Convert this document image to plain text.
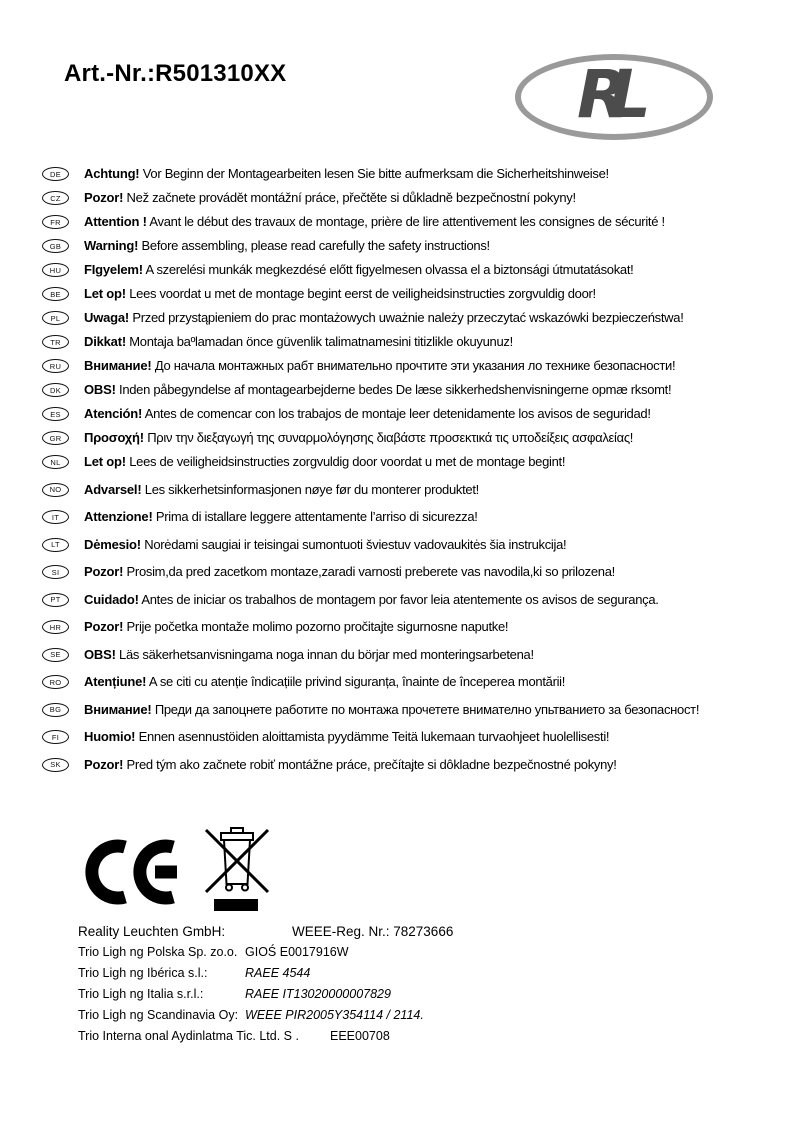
Art.-Nr.:R501310XX	RL
DE	Achtung! Vor Beginn der Montagearbeiten lesen Sie bitte aufmerksam die Sicherheitshinweise!
CZ	Pozor! Než začnete provádět montážní práce, přečtěte si důkladně bezpečnostní pokyny!
FR	Attention ! Avant le début des travaux de montage, prière de lire attentivement les consignes de sécurité !
GB	Warning! Before assembling, please read carefully the safety instructions!
HU	FIgyelem! A szerelési munkák megkezdésé előtt figyelmesen olvassa el a biztonsági útmutatásokat!
BE	Let op! Lees voordat u met de montage begint eerst de veiligheidsinstructies zorgvuldig door!
PL	Uwaga! Przed przystąpieniem do prac montażowych uważnie należy przeczytać wskazówki bezpieczeństwa!
TR	Dikkat! Montaja baºlamadan önce güvenlik talimatnamesini titizlikle okuyunuz!
RU	Внимание! До начала монтажных рабт внимательно прочтите эти указания ло технике безопасности!
DK	OBS! Inden påbegyndelse af montagearbejderne bedes De læse sikkerhedshenvisningerne opmæ rksomt!
ES	Atención! Antes de comencar con los trabajos de montaje leer detenidamente los avisos de seguridad!
GR	Προσοχή! Πριν την διεξαγωγή της συναρμολόγησης διαβάστε προσεκτικά τις υποδείξεις ασφαλείας!
NL	Let op! Lees de veiligheidsinstructies zorgvuldig door voordat u met de montage begint!
NO	Advarsel! Les sikkerhetsinformasjonen nøye før du monterer produktet!
IT	Attenzione! Prima di istallare leggere attentamente l’arriso di sicurezza!
LT	Dėmesio! Norėdami saugiai ir teisingai sumontuoti šviestuv vadovaukitės šia instrukcija!
SI	Pozor! Prosim,da pred zacetkom montaze,zaradi varnosti preberete vas navodila,ki so prilozena!
PT	Cuidado! Antes de iniciar os trabalhos de montagem por favor leia atentemente os avisos de segurança.
HR	Pozor! Prije početka montaže molimo pozorno pročitajte sigurnosne naputke!
SE	OBS! Läs säkerhetsanvisningama noga innan du börjar med monteringsarbetena!
RO	Atențiune! A se citi cu atenție îndicațiile privind siguranța, înainte de începerea montării!
BG	Внимание! Преди да запоцнете работите по монтажа прочетете внимателно упьтванието за безопасност!
FI	Huomio! Ennen asennustöiden aloittamista pyydämme Teitä lukemaan turvaohjeet huolellisesti!
SK	Pozor! Pred tým ako začnete robiť montážne práce, prečítajte si dôkladne bezpečnostné pokyny!
Reality Leuchten GmbH:	WEEE-Reg. Nr.: 78273666
Trio Ligh ng Polska Sp. zo.o. GIOŚ E0017916W
Trio Ligh ng Ibérica s.l.:	RAEE 4544
Trio Ligh ng Italia s.r.l.:	RAEE IT13020000007829
Trio Ligh ng Scandinavia Oy: WEEE PIR2005Y354114 / 2114.
Trio Interna onal Aydinlatma Tic. Ltd. S .	EEE00708
